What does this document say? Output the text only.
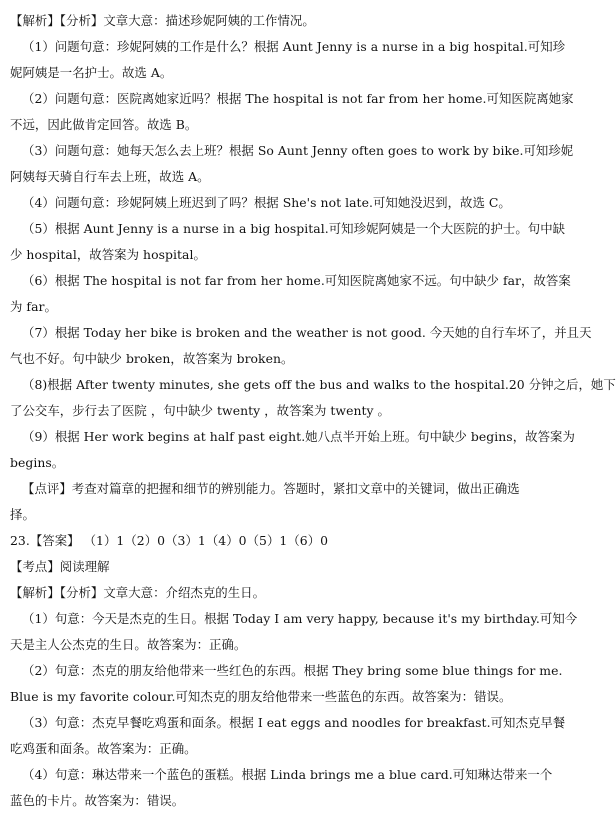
【解析】【分析】文章大意：描述珍妮阿姨的工作情况。
（1）问题句意：珍妮阿姨的工作是什么？根据 Aunt Jenny is a nurse in a big hospital.可知珍
妮阿姨是一名护士。故选 A。
（2）问题句意：医院离她家近吗？根据 The hospital is not far from her home.可知医院离她家
不远，因此做肯定回答。故选 B。
（3）问题句意：她每天怎么去上班？根据 So Aunt Jenny often goes to work by bike.可知珍妮
阿姨每天骑自行车去上班，故选 A。
（4）问题句意：珍妮阿姨上班迟到了吗？根据 She's not late.可知她没迟到，故选 C。
（5）根据 Aunt Jenny is a nurse in a big hospital.可知珍妮阿姨是一个大医院的护士。句中缺
少 hospital，故答案为 hospital。
（6）根据 The hospital is not far from her home.可知医院离她家不远。句中缺少 far，故答案
为 far。
（7）根据 Today her bike is broken and the weather is not good. 今天她的自行车坏了，并且天
气也不好。句中缺少 broken，故答案为 broken。
（8)根据 After twenty minutes, she gets off the bus and walks to the hospital.20 分钟之后，她下
了公交车，步行去了医院 ，句中缺少 twenty ，故答案为 twenty 。
（9）根据 Her work begins at half past eight.她八点半开始上班。句中缺少 begins，故答案为
begins。
【点评】考查对篇章的把握和细节的辨别能力。答题时，紧扣文章中的关键词，做出正确选
择。
23.【答案】 （1）1（2）0（3）1（4）0（5）1（6）0
【考点】阅读理解
【解析】【分析】文章大意：介绍杰克的生日。
（1）句意：今天是杰克的生日。根据 Today I am very happy, because it's my birthday.可知今
天是主人公杰克的生日。故答案为：正确。
（2）句意：杰克的朋友给他带来一些红色的东西。根据 They bring some blue things for me.
Blue is my favorite colour.可知杰克的朋友给他带来一些蓝色的东西。故答案为：错误。
（3）句意：杰克早餐吃鸡蛋和面条。根据 I eat eggs and noodles for breakfast.可知杰克早餐
吃鸡蛋和面条。故答案为：正确。
（4）句意：琳达带来一个蓝色的蛋糕。根据 Linda brings me a blue card.可知琳达带来一个
蓝色的卡片。故答案为：错误。
